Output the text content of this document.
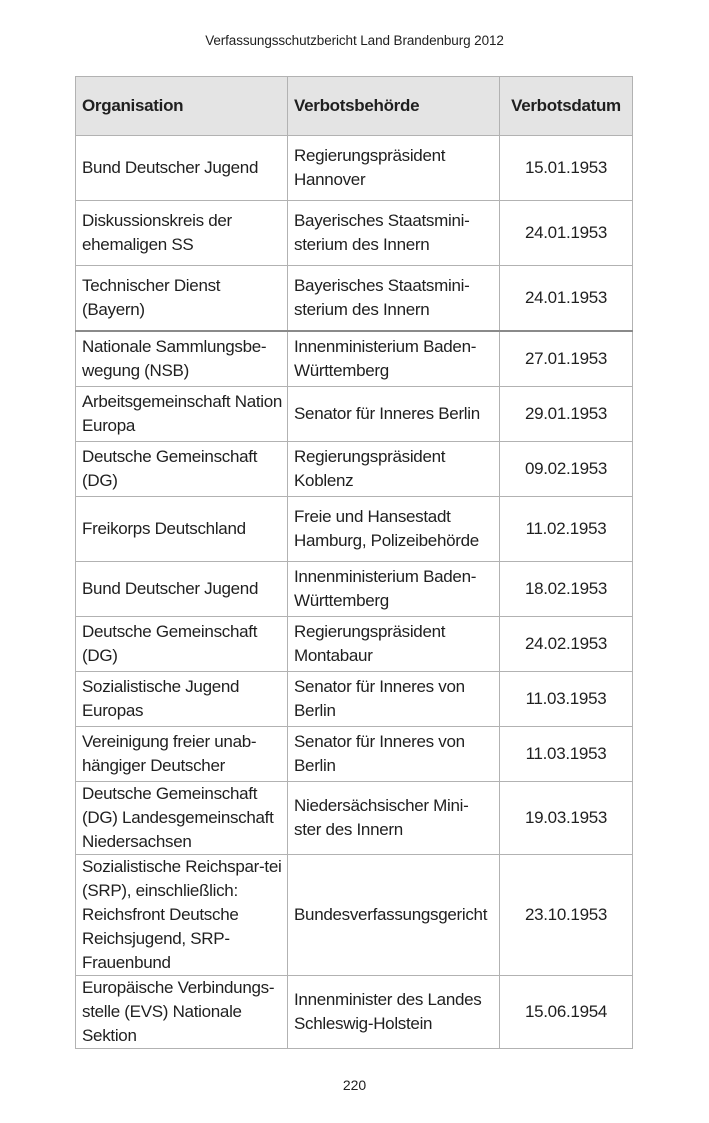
Verfassungsschutzbericht Land Brandenburg 2012
Organisation	Verbotsbehörde	Verbotsdatum
Bund Deutscher Jugend	Regierungspräsident Hannover	15.01.1953
Diskussionskreis der ehemaligen SS	Bayerisches Staatsmini-sterium des Innern	24.01.1953
Technischer Dienst (Bayern)	Bayerisches Staatsmini-sterium des Innern	24.01.1953
Nationale Sammlungsbe-wegung (NSB)	Innenministerium Baden-Württemberg	27.01.1953
Arbeitsgemeinschaft Nation Europa	Senator für Inneres Berlin	29.01.1953
Deutsche Gemeinschaft (DG)	Regierungspräsident Koblenz	09.02.1953
Freikorps Deutschland	Freie und Hansestadt Hamburg, Polizeibehörde	11.02.1953
Bund Deutscher Jugend	Innenministerium Baden-Württemberg	18.02.1953
Deutsche Gemeinschaft (DG)	Regierungspräsident Montabaur	24.02.1953
Sozialistische Jugend Europas	Senator für Inneres von Berlin	11.03.1953
Vereinigung freier unab-hängiger Deutscher	Senator für Inneres von Berlin	11.03.1953
Deutsche Gemeinschaft (DG) Landesgemeinschaft Niedersachsen	Niedersächsischer Mini-ster des Innern	19.03.1953
Sozialistische Reichspar-tei (SRP), einschließlich: Reichsfront Deutsche Reichsjugend, SRP-Frauenbund	Bundesverfassungsgericht	23.10.1953
Europäische Verbindungs-stelle (EVS) Nationale Sektion	Innenminister des Landes Schleswig-Holstein	15.06.1954
220
